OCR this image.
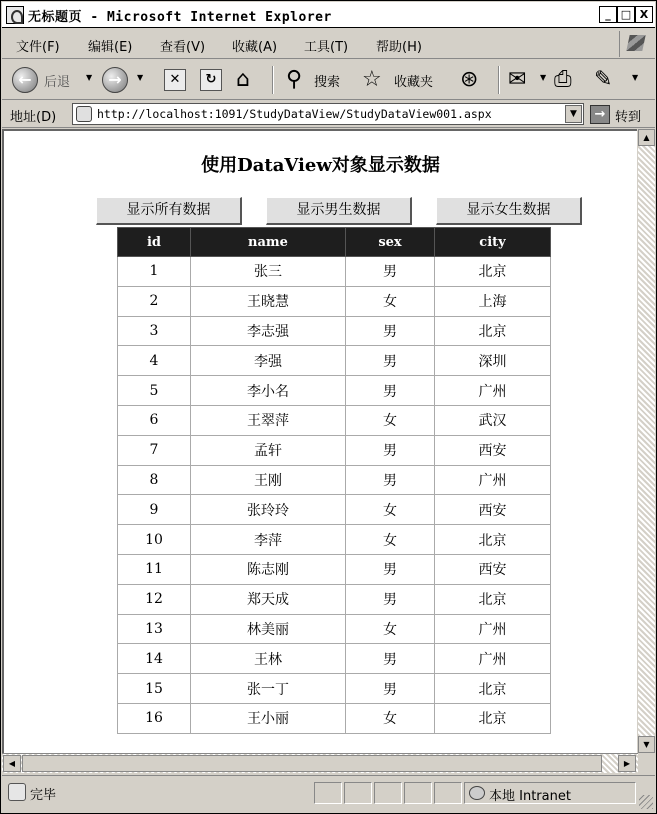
无标题页 - Microsoft Internet Explorer	_ □ X
文件(F) 编辑(E) 查看(V) 收藏(A) 工具(T) 帮助(H)
← 后退 ▼	→	▼	✕	↻ ⌂ ⚲ 搜索 ☆ 收藏夹 ⊛ ✉ ▼ ⎙ ✎ ▼
地址(D)	http://localhost:1091/StudyDataView/StudyDataView001.aspx	▼	→ 转到
使用DataView对象显示数据
显示所有数据	显示男生数据	显示女生数据
id	name	sex	city
1	张三	男	北京
2	王晓慧	女	上海
3	李志强	男	北京
4	李强	男	深圳
5	李小名	男	广州
6	王翠萍	女	武汉
7	孟轩	男	西安
8	王刚	男	广州
9	张玲玲	女	西安
10	李萍	女	北京
11	陈志刚	男	西安
12	郑天成	男	北京
13	林美丽	女	广州
14	王林	男	广州
15	张一丁	男	北京
16	王小丽	女	北京
▲
▼
◀	▶
完毕	本地 Intranet
